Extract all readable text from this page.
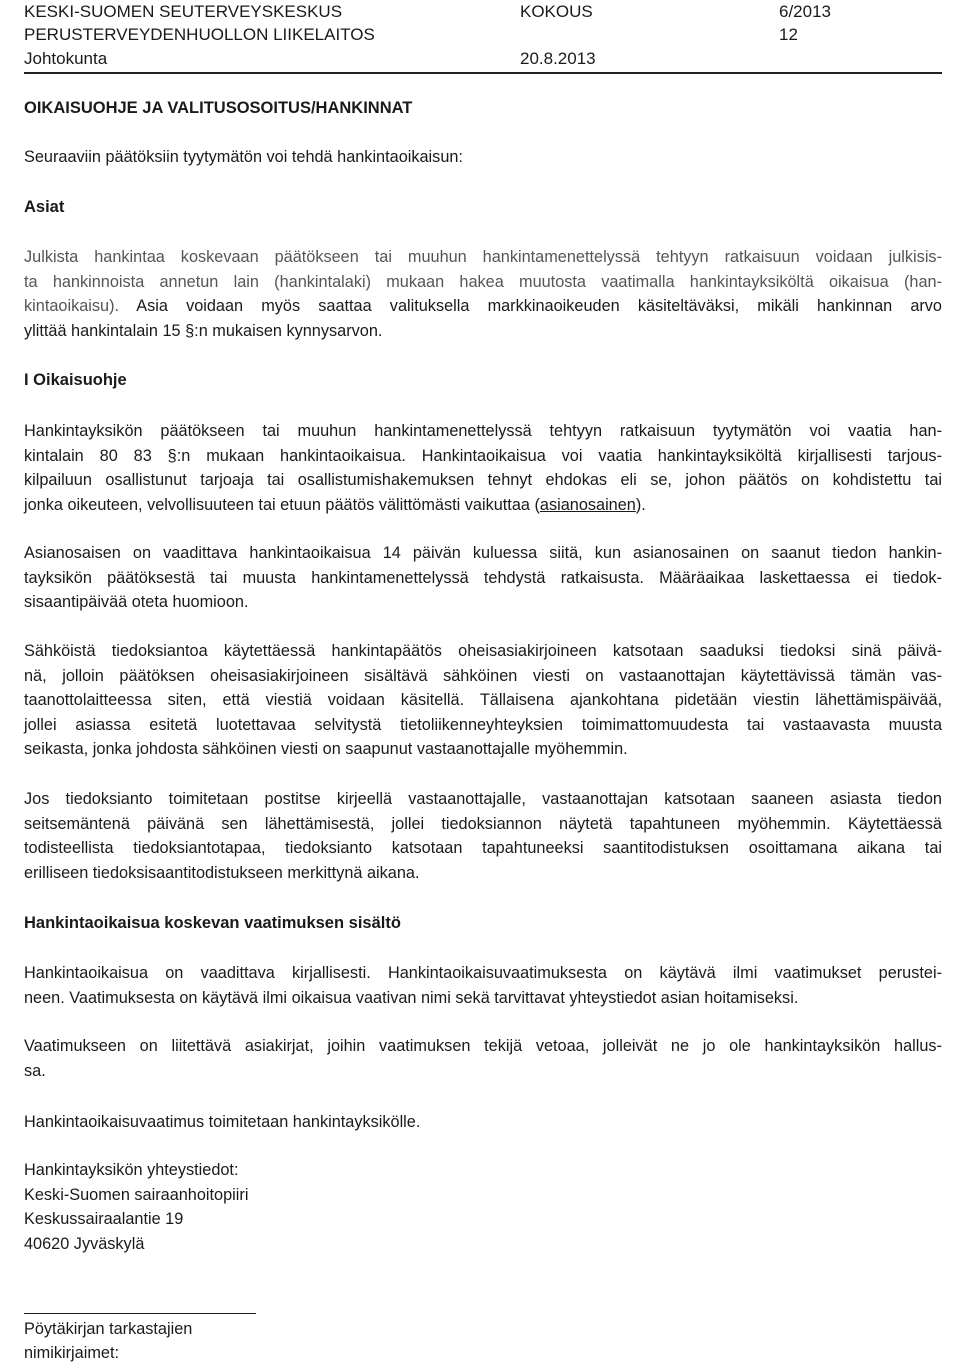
KESKI-SUOMEN SEUTERVEYSKESKUS
PERUSTERVEYDENHUOLLON LIIKELAITOS
Johtokunta
KOKOUS	6/2013
12
20.8.2013
OIKAISUOHJE JA VALITUSOSOITUS/HANKINNAT
Seuraaviin päätöksiin tyytymätön voi tehdä hankintaoikaisun:
Asiat
Julkista hankintaa koskevaan päätökseen tai muuhun hankintamenettelyssä tehtyyn ratkaisuun voidaan julkisis-
ta hankinnoista annetun lain (hankintalaki) mukaan hakea muutosta vaatimalla hankintayksiköltä oikaisua (han-
kintaoikaisu). Asia voidaan myös saattaa valituksella markkinaoikeuden käsiteltäväksi, mikäli hankinnan arvo
ylittää hankintalain 15 §:n mukaisen kynnysarvon.
I Oikaisuohje
Hankintayksikön päätökseen tai muuhun hankintamenettelyssä tehtyyn ratkaisuun tyytymätön voi vaatia han-
kintalain 80 83 §:n mukaan hankintaoikaisua. Hankintaoikaisua voi vaatia hankintayksiköltä kirjallisesti tarjous-
kilpailuun osallistunut tarjoaja tai osallistumishakemuksen tehnyt ehdokas eli se, johon päätös on kohdistettu tai
jonka oikeuteen, velvollisuuteen tai etuun päätös välittömästi vaikuttaa (asianosainen).
Asianosaisen on vaadittava hankintaoikaisua 14 päivän kuluessa siitä, kun asianosainen on saanut tiedon hankin-
tayksikön päätöksestä tai muusta hankintamenettelyssä tehdystä ratkaisusta. Määräaikaa laskettaessa ei tiedok-
sisaantipäivää oteta huomioon.
Sähköistä tiedoksiantoa käytettäessä hankintapäätös oheisasiakirjoineen katsotaan saaduksi tiedoksi sinä päivä-
nä, jolloin päätöksen oheisasiakirjoineen sisältävä sähköinen viesti on vastaanottajan käytettävissä tämän vas-
taanottolaitteessa siten, että viestiä voidaan käsitellä. Tällaisena ajankohtana pidetään viestin lähettämispäivää,
jollei asiassa esitetä luotettavaa selvitystä tietoliikenneyhteyksien toimimattomuudesta tai vastaavasta muusta
seikasta, jonka johdosta sähköinen viesti on saapunut vastaanottajalle myöhemmin.
Jos tiedoksianto toimitetaan postitse kirjeellä vastaanottajalle, vastaanottajan katsotaan saaneen asiasta tiedon
seitsemäntenä päivänä sen lähettämisestä, jollei tiedoksiannon näytetä tapahtuneen myöhemmin. Käytettäessä
todisteellista tiedoksiantotapaa, tiedoksianto katsotaan tapahtuneeksi saantitodistuksen osoittamana aikana tai
erilliseen tiedoksisaantitodistukseen merkittynä aikana.
Hankintaoikaisua koskevan vaatimuksen sisältö
Hankintaoikaisua on vaadittava kirjallisesti. Hankintaoikaisuvaatimuksesta on käytävä ilmi vaatimukset perustei-
neen. Vaatimuksesta on käytävä ilmi oikaisua vaativan nimi sekä tarvittavat yhteystiedot asian hoitamiseksi.
Vaatimukseen on liitettävä asiakirjat, joihin vaatimuksen tekijä vetoaa, jolleivät ne jo ole hankintayksikön hallus-
sa.
Hankintaoikaisuvaatimus toimitetaan hankintayksikölle.
Hankintayksikön yhteystiedot:
Keski-Suomen sairaanhoitopiiri
Keskussairaalantie 19
40620 Jyväskylä
Pöytäkirjan tarkastajien
nimikirjaimet:
